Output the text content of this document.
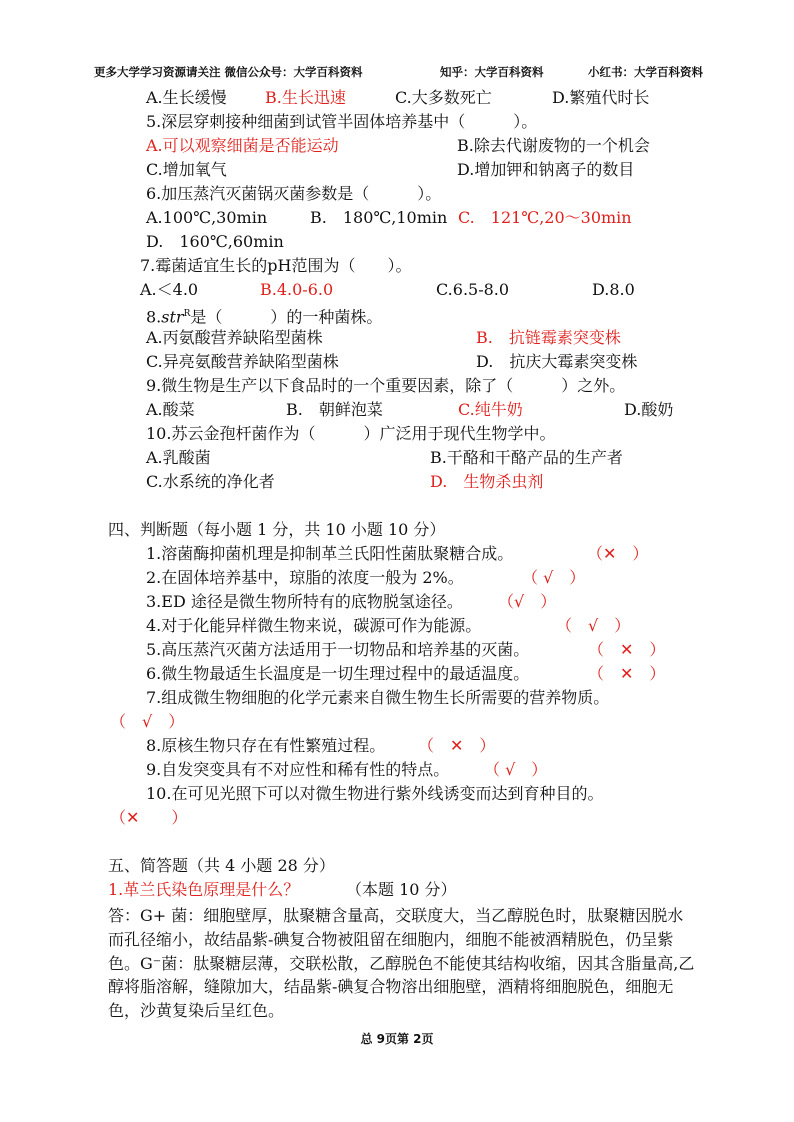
更多大学学习资源请关注 微信公众号：大学百科资料	知乎：大学百科资料	小红书：大学百科资料
A.生长缓慢 B.生长迅速	C.大多数死亡	D.繁殖代时长
5.深层穿刺接种细菌到试管半固体培养基中（　　　）。
A.可以观察细菌是否能运动	B.除去代谢废物的一个机会
C.增加氧气	D.增加钾和钠离子的数目
6.加压蒸汽灭菌锅灭菌参数是（　　　）。
A.100℃,30min	B.　180℃,10min C.　121℃,20～30min
D.　160℃,60min
7.霉菌适宜生长的pH范围为（　　）。
A.＜4.0	B.4.0-6.0	C.6.5-8.0	D.8.0
8.str$^R$是（　　　）的一种菌株。
A.丙氨酸营养缺陷型菌株	B.　抗链霉素突变株
C.异亮氨酸营养缺陷型菌株	D.　抗庆大霉素突变株
9.微生物是生产以下食品时的一个重要因素，除了（　　　）之外。
A.酸菜	B.　朝鲜泡菜	C.纯牛奶	D.酸奶
10.苏云金孢杆菌作为（　　　）广泛用于现代生物学中。
A.乳酸菌	B.干酪和干酪产品的生产者
C.水系统的净化者	D.　生物杀虫剂
四、判断题（每小题 1 分，共 10 小题 10 分）
1.溶菌酶抑菌机理是抑制革兰氏阳性菌肽聚糖合成。	（✕　）
2.在固体培养基中，琼脂的浓度一般为 2%。	（ √　）
3.ED 途径是微生物所特有的底物脱氢途径。 （√　）
4.对于化能异样微生物来说，碳源可作为能源。	（　√　）
5.高压蒸汽灭菌方法适用于一切物品和培养基的灭菌。	（　✕　）
6.微生物最适生长温度是一切生理过程中的最适温度。	（　✕　）
7.组成微生物细胞的化学元素来自微生物生长所需要的营养物质。
（　√　）
8.原核生物只存在有性繁殖过程。 （　✕　）
9.自发突变具有不对应性和稀有性的特点。 （ √　）
10.在可见光照下可以对微生物进行紫外线诱变而达到育种目的。
（✕　　）
五、简答题（共 4 小题 28 分）
1.革兰氏染色原理是什么？	（本题 10 分）
答：G+ 菌：细胞壁厚，肽聚糖含量高，交联度大，当乙醇脱色时，肽聚糖因脱水而孔径缩小，故结晶紫-碘复合物被阻留在细胞内，细胞不能被酒精脱色，仍呈紫色。G⁻菌：肽聚糖层薄，交联松散，乙醇脱色不能使其结构收缩，因其含脂量高,乙醇将脂溶解，缝隙加大，结晶紫-碘复合物溶出细胞壁，酒精将细胞脱色，细胞无色，沙黄复染后呈红色。
总 9页第 2页
